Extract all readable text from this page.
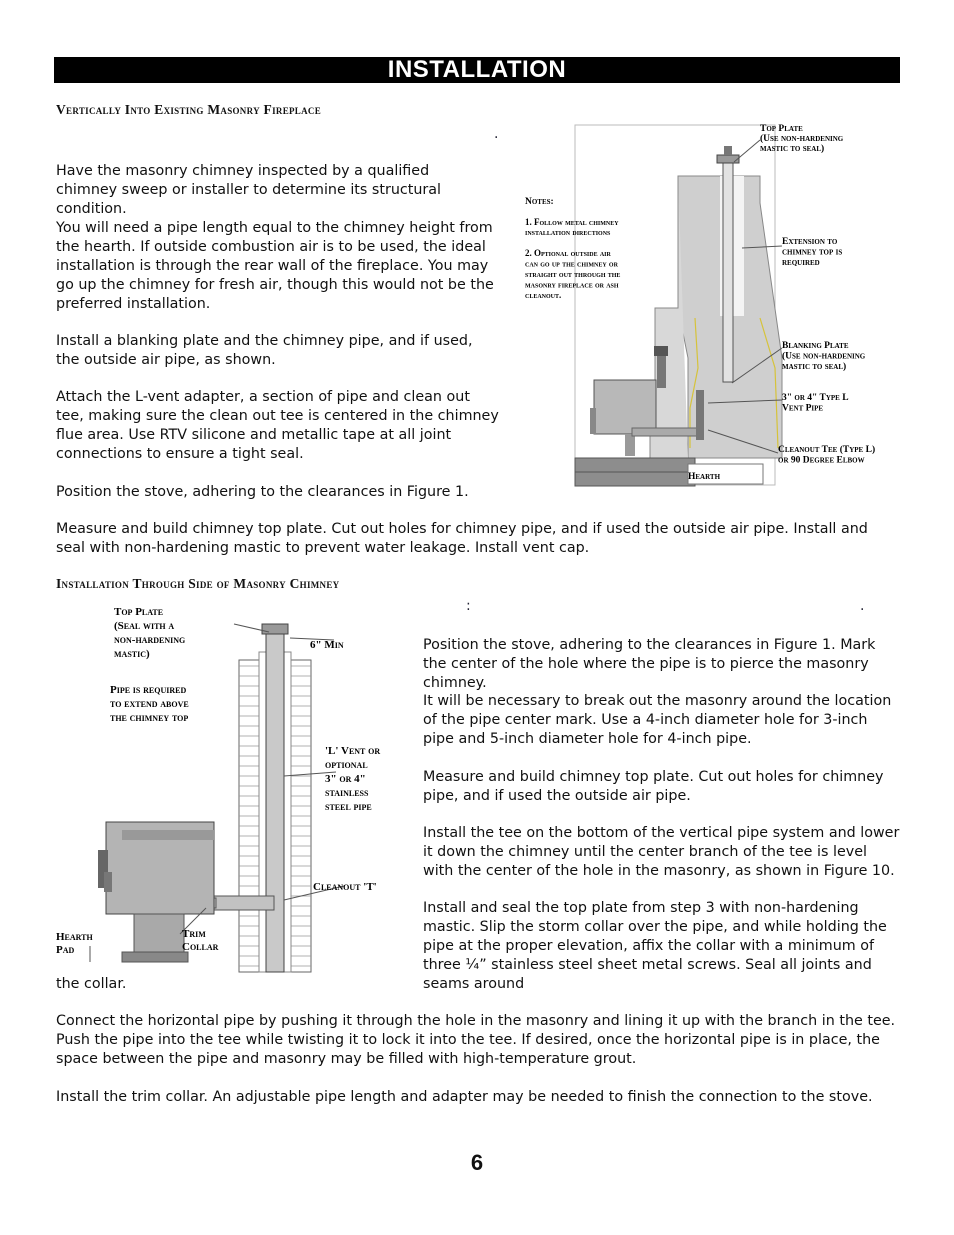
INSTALLATION
Vertically Into Existing Masonry Fireplace
.

Have the masonry chimney inspected by a qualified chimney sweep or installer to determine its structural condition.

You will need a pipe length equal to the chimney height from the hearth. If outside combustion air is to be used, the ideal installation is through the rear wall of the fireplace. You may go up the chimney for fresh air, though this would not be the preferred installation.

Install a blanking plate and the chimney pipe, and if used, the outside air pipe, as shown.

Attach the L-vent adapter, a section of pipe and clean out tee, making sure the clean out tee is centered in the chimney flue area. Use RTV silicone and metallic tape at all joint connections to ensure a tight seal.

Position the stove, adhering to the clearances in Figure 1.

Measure and build chimney top plate. Cut out holes for chimney pipe, and if used the outside air pipe. Install and seal with non-hardening mastic to prevent water leakage. Install vent cap.

Top Plate (Use non-hardening mastic to seal)
Notes:
1. Follow metal chimney installation directions
2. Optional outside air can go up the chimney or straight out through the masonry fireplace or ash cleanout.
Extension to chimney top is required
Blanking Plate (Use non-hardening mastic to seal)
3" or 4" Type L Vent Pipe
Cleanout Tee (Type L) or 90 Degree Elbow
Hearth
Installation Through Side of Masonry Chimney
:	.

Position the stove, adhering to the clearances in Figure 1. Mark the center of the hole where the pipe is to pierce the masonry chimney.

It will be necessary to break out the masonry around the location of the pipe center mark. Use a 4-inch diameter hole for 3-inch pipe and 5-inch diameter hole for 4-inch pipe.

Measure and build chimney top plate. Cut out holes for chimney pipe, and if used the outside air pipe.

Install the tee on the bottom of the vertical pipe system and lower it down the chimney until the center branch of the tee is level with the center of the hole in the masonry, as shown in Figure 10.

Install and seal the top plate from step 3 with non-hardening mastic. Slip the storm collar over the pipe, and while holding the pipe at the proper elevation, affix the collar with a minimum of three ¼” stainless steel sheet metal screws. Seal all joints and seams around

the collar.

Connect the horizontal pipe by pushing it through the hole in the masonry and lining it up with the branch in the tee. Push the pipe into the tee while twisting it to lock it into the tee. If desired, once the horizontal pipe is in place, the space between the pipe and masonry may be filled with high-temperature grout.

Install the trim collar. An adjustable pipe length and adapter may be needed to finish the connection to the stove.

Top Plate (Seal with a non-hardening mastic)
6" Min
Pipe is required to extend above the chimney top
'L' Vent or optional 3" or 4" stainless steel pipe
Cleanout 'T'
Hearth Pad
Trim Collar
6
